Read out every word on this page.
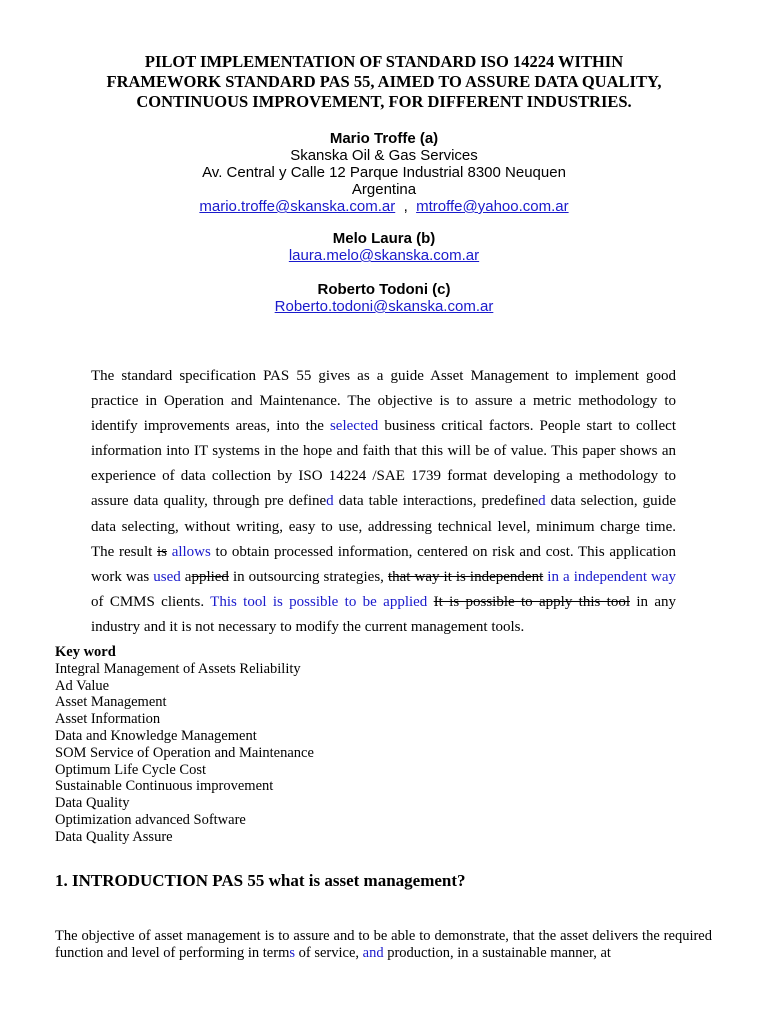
PILOT IMPLEMENTATION OF STANDARD ISO 14224 WITHIN
FRAMEWORK STANDARD PAS 55, AIMED TO ASSURE DATA QUALITY,
CONTINUOUS IMPROVEMENT, FOR DIFFERENT INDUSTRIES.
Mario Troffe (a)
Skanska Oil & Gas Services
Av. Central y Calle 12 Parque Industrial 8300 Neuquen
Argentina
mario.troffe@skanska.com.ar , mtroffe@yahoo.com.ar
Melo Laura (b)
laura.melo@skanska.com.ar
Roberto Todoni (c)
Roberto.todoni@skanska.com.ar

The standard specification PAS 55 gives as a guide Asset Management to implement good practice in Operation and Maintenance. The objective is to assure a metric methodology to identify improvements areas, into the selected business critical factors. People start to collect information into IT systems in the hope and faith that this will be of value. This paper shows an experience of data collection by ISO 14224 /SAE 1739 format developing a methodology to assure data quality, through pre defined data table interactions, predefined data selection, guide data selecting, without writing, easy to use, addressing technical level, minimum charge time. The result is allows to obtain processed information, centered on risk and cost. This application work was used applied in outsourcing strategies, that way it is independent in a independent way of CMMS clients. This tool is possible to be applied It is possible to apply this tool in any industry and it is not necessary to modify the current management tools.

Key word
Integral Management of Assets Reliability
Ad Value
Asset Management
Asset Information
Data and Knowledge Management
SOM Service of Operation and Maintenance
Optimum Life Cycle Cost
Sustainable Continuous improvement
Data Quality
Optimization advanced Software
Data Quality Assure
1. INTRODUCTION PAS 55 what is asset management?

The objective of asset management is to assure and to be able to demonstrate, that the asset delivers the required function and level of performing in terms of service, and production, in a sustainable manner, at
